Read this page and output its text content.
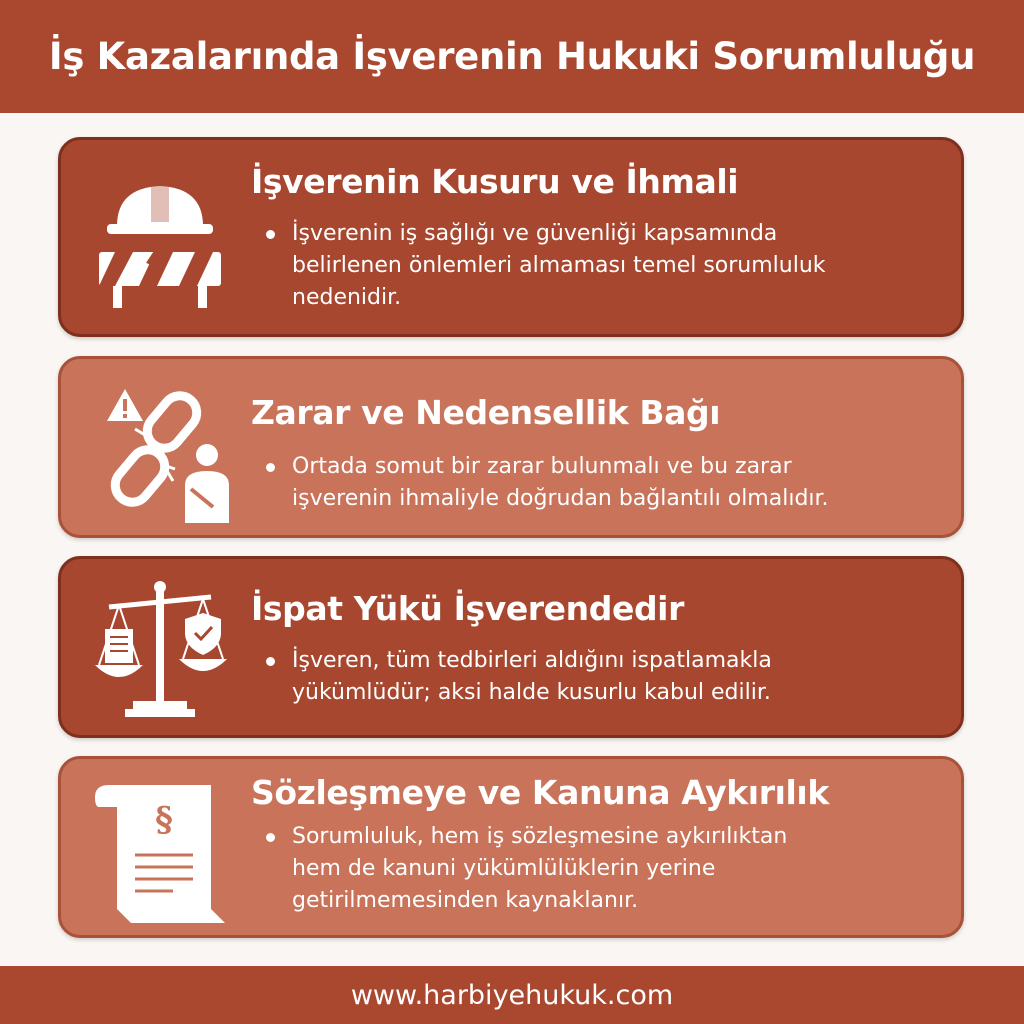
İş Kazalarında İşverenin Hukuki Sorumluluğu
İşverenin Kusuru ve İhmali
İşverenin iş sağlığı ve güvenliği kapsamında
belirlenen önlemleri almaması temel sorumluluk
nedenidir.
Zarar ve Nedensellik Bağı
Ortada somut bir zarar bulunmalı ve bu zarar
işverenin ihmaliyle doğrudan bağlantılı olmalıdır.
İspat Yükü İşverendedir
İşveren, tüm tedbirleri aldığını ispatlamakla
yükümlüdür; aksi halde kusurlu kabul edilir.
§
Sözleşmeye ve Kanuna Aykırılık
Sorumluluk, hem iş sözleşmesine aykırılıktan
hem de kanuni yükümlülüklerin yerine
getirilmemesinden kaynaklanır.
www.harbiyehukuk.com
